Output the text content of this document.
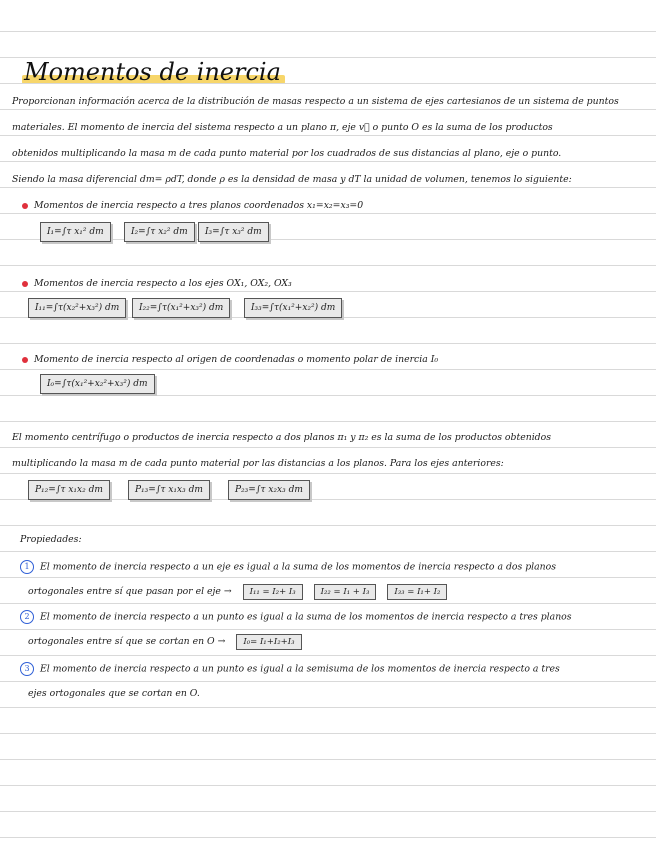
Momentos de inercia
Proporcionan información acerca de la distribución de masas respecto a un sistema de ejes cartesianos de un sistema de puntos
materiales. El momento de inercia del sistema respecto a un plano π, eje v⃗ o punto O es la suma de los productos
obtenidos multiplicando la masa m de cada punto material por los cuadrados de sus distancias al plano, eje o punto.
Siendo la masa diferencial dm= ρdT, donde ρ es la densidad de masa y dT la unidad de volumen, tenemos lo siguiente:
Momentos de inercia respecto a tres planos coordenados x₁=x₂=x₃=0
I₁=∫τ x₁² dm	I₂=∫τ x₂² dm	I₃=∫τ x₃² dm
Momentos de inercia respecto a los ejes OX₁, OX₂, OX₃
I₁₁=∫τ(x₂²+x₃²) dm	I₂₂=∫τ(x₁²+x₃²) dm	I₃₃=∫τ(x₁²+x₂²) dm
Momento de inercia respecto al origen de coordenadas o momento polar de inercia I₀
I₀=∫τ(x₁²+x₂²+x₃²) dm
El momento centrífugo o productos de inercia respecto a dos planos π₁ y π₂ es la suma de los productos obtenidos
multiplicando la masa m de cada punto material por las distancias a los planos. Para los ejes anteriores:
P₁₂=∫τ x₁x₂ dm	P₁₃=∫τ x₁x₃ dm	P₂₃=∫τ x₂x₃ dm
Propiedades:
1 El momento de inercia respecto a un eje es igual a la suma de los momentos de inercia respecto a dos planos
ortogonales entre sí que pasan por el eje → I₁₁ = I₂+ I₃	I₂₂ = I₁ + I₃	I₃₃ = I₁+ I₂
2 El momento de inercia respecto a un punto es igual a la suma de los momentos de inercia respecto a tres planos
ortogonales entre sí que se cortan en O → I₀= I₁+I₂+I₃
3 El momento de inercia respecto a un punto es igual a la semisuma de los momentos de inercia respecto a tres
ejes ortogonales que se cortan en O.
